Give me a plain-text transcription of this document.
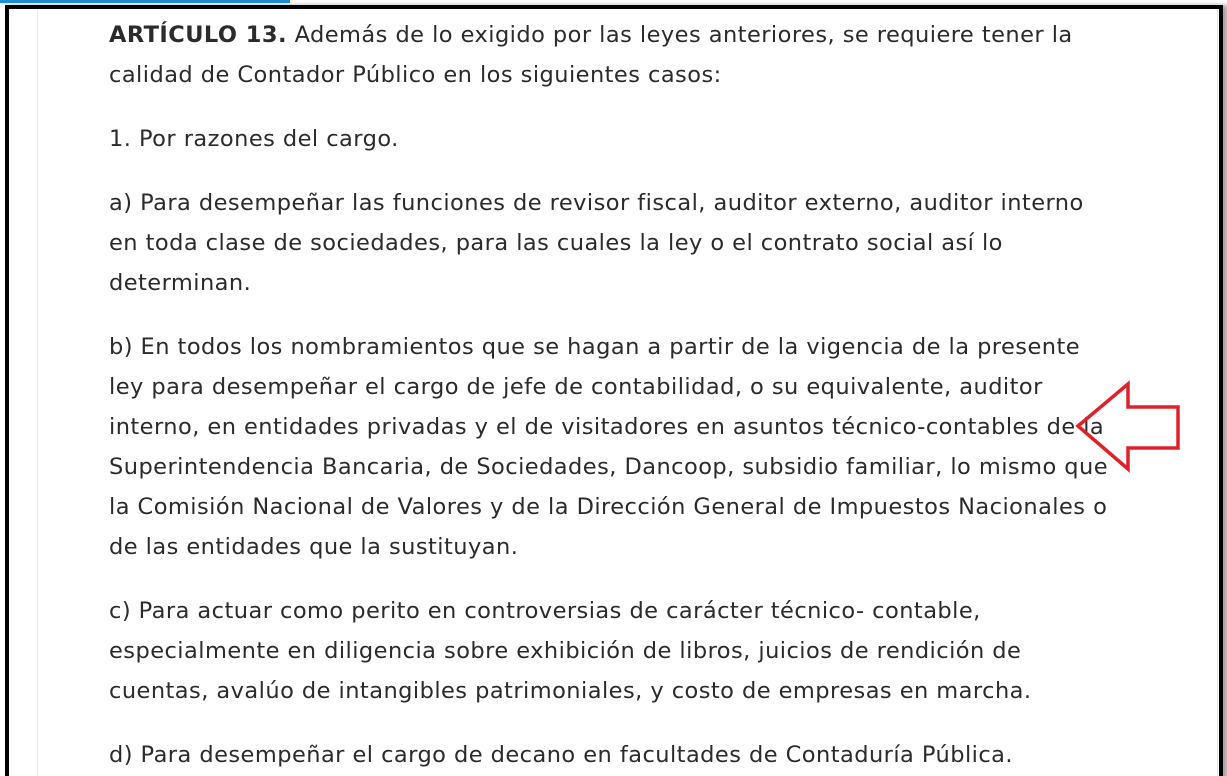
ARTÍCULO 13. Además de lo exigido por las leyes anteriores, se requiere tener la calidad de Contador Público en los siguientes casos:

1. Por razones del cargo.

a) Para desempeñar las funciones de revisor fiscal, auditor externo, auditor interno en toda clase de sociedades, para las cuales la ley o el contrato social así lo determinan.

b) En todos los nombramientos que se hagan a partir de la vigencia de la presente ley para desempeñar el cargo de jefe de contabilidad, o su equivalente, auditor interno, en entidades privadas y el de visitadores en asuntos técnico-contables de la Superintendencia Bancaria, de Sociedades, Dancoop, subsidio familiar, lo mismo que la Comisión Nacional de Valores y de la Dirección General de Impuestos Nacionales o de las entidades que la sustituyan.

c) Para actuar como perito en controversias de carácter técnico- contable, especialmente en diligencia sobre exhibición de libros, juicios de rendición de cuentas, avalúo de intangibles patrimoniales, y costo de empresas en marcha.

d) Para desempeñar el cargo de decano en facultades de Contaduría Pública.
